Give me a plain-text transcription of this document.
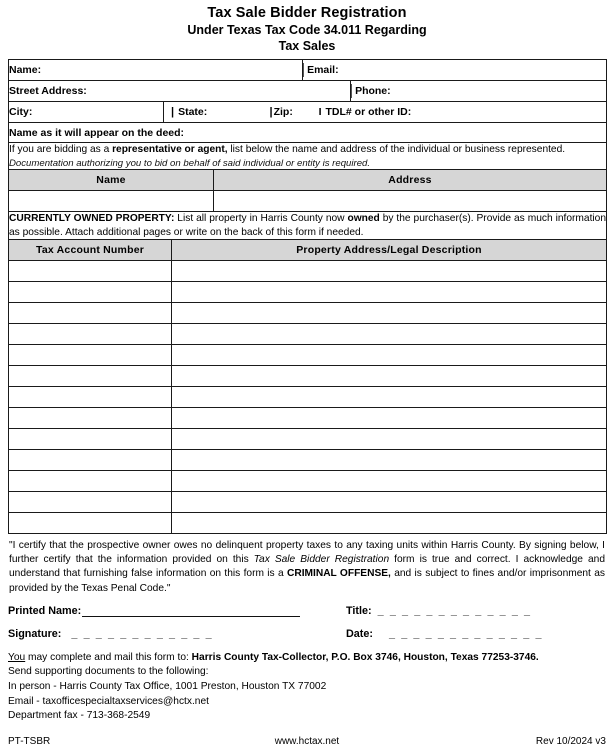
Tax Sale Bidder Registration
Under Texas Tax Code 34.011 Regarding
Tax Sales
Name:			Email:	

Street Address:				Phone:

City:	| State:	| Zip:	I TDL# or other ID:	

Name as it will appear on the deed:				

If you are bidding as a representative or agent, list below the name and address of the individual or business represented.
Documentation authorizing you to bid on behalf of said individual or entity is required.				
Name	Address

CURRENTLY OWNED PROPERTY: List all property in Harris County now owned by the purchaser(s). Provide as much information as possible. Attach additional pages or write on the back of this form if needed.	
Tax Account Number	Property Address/Legal Description

"I certify that the prospective owner owes no delinquent property taxes to any taxing units within Harris County. By signing below, I further certify that the information provided on this Tax Sale Bidder Registration form is true and correct. I acknowledge and understand that furnishing false information on this form is a CRIMINAL OFFENSE, and is subject to fines and/or imprisonment as provided by the Texas Penal Code."
Printed Name:	Title: _ _ _ _ _ _ _ _ _ _ _ _ _
Signature: _ _ _ _ _ _ _ _ _ _ _ _	Date: _ _ _ _ _ _ _ _ _ _ _ _ _

You may complete and mail this form to: Harris County Tax-Collector, P.O. Box 3746, Houston, Texas 77253-3746.

Send supporting documents to the following:

In person - Harris County Tax Office, 1001 Preston, Houston TX 77002

Email - taxofficespecialtaxservices@hctx.net

Department fax - 713-368-2549

PT-TSBR	www.hctax.net	Rev 10/2024 v3
